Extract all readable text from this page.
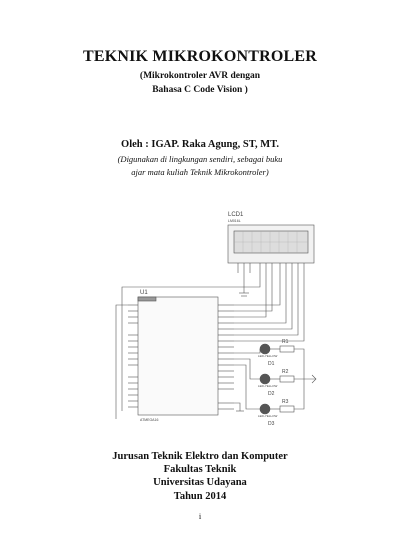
TEKNIK MIKROKONTROLER
(Mikrokontroler AVR dengan
Bahasa C Code Vision )
Oleh : IGAP. Raka Agung, ST, MT.
(Digunakan di lingkungan sendiri, sebagai buku
ajar mata kuliah Teknik Mikrokontroler)
LCD1
LM016L
U1
ATMEGA16
R1
R2
R3
D1
D2
D3
LED-YELLOW
LED-YELLOW
LED-YELLOW
Jurusan Teknik Elektro dan Komputer
Fakultas Teknik
Universitas Udayana
Tahun 2014
i
